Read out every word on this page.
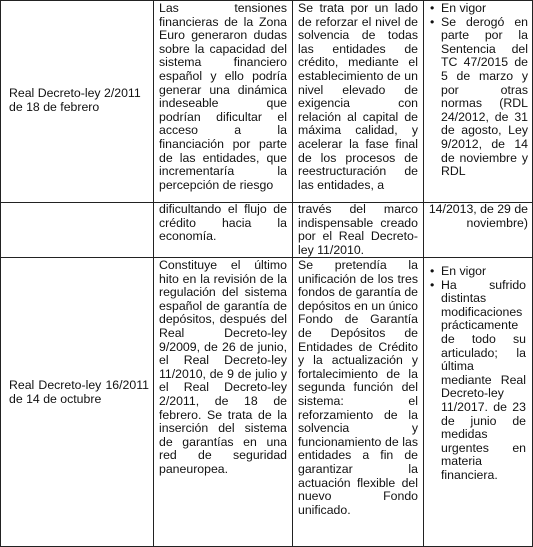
Real Decreto-ley 2/2011 de 18 de febrero
Las tensiones financieras de la Zona Euro generaron dudas sobre la capacidad del sistema financiero español y ello podría generar una dinámica indeseable que podrían dificultar el acceso a la financiación por parte de las entidades, que incrementaría la percepción de riesgo
dificultando el flujo de crédito hacia la economía.
Se trata por un lado de reforzar el nivel de solvencia de todas las entidades de crédito, mediante el establecimiento de un nivel elevado de exigencia con relación al capital de máxima calidad, y acelerar la fase final de los procesos de reestructuración de las entidades, a
través del marco indispensable creado por el Real Decreto-ley 11/2010.
• En vigor
• Se derogó en parte por la Sentencia del TC 47/2015 de 5 de marzo y por otras normas (RDL 24/2012, de 31 de agosto, Ley 9/2012, de 14 de noviembre y RDL
14/2013, de 29 de noviembre)
Real Decreto-ley 16/2011 de 14 de octubre
Constituye el último hito en la revisión de la regulación del sistema español de garantía de depósitos, después del Real Decreto-ley 9/2009, de 26 de junio, el Real Decreto-ley 11/2010, de 9 de julio y el Real Decreto-ley 2/2011, de 18 de febrero. Se trata de la inserción del sistema de garantías en una red de seguridad paneuropea.
Se pretendía la unificación de los tres fondos de garantía de depósitos en un único Fondo de Garantía de Depósitos de Entidades de Crédito y la actualización y fortalecimiento de la segunda función del sistema: el reforzamiento de la solvencia y funcionamiento de las entidades a fin de garantizar la actuación flexible del nuevo Fondo unificado.
• En vigor
• Ha sufrido distintas modificaciones prácticamente de todo su articulado; la última mediante Real Decreto-ley 11/2017. de 23 de junio de medidas urgentes en materia financiera.
